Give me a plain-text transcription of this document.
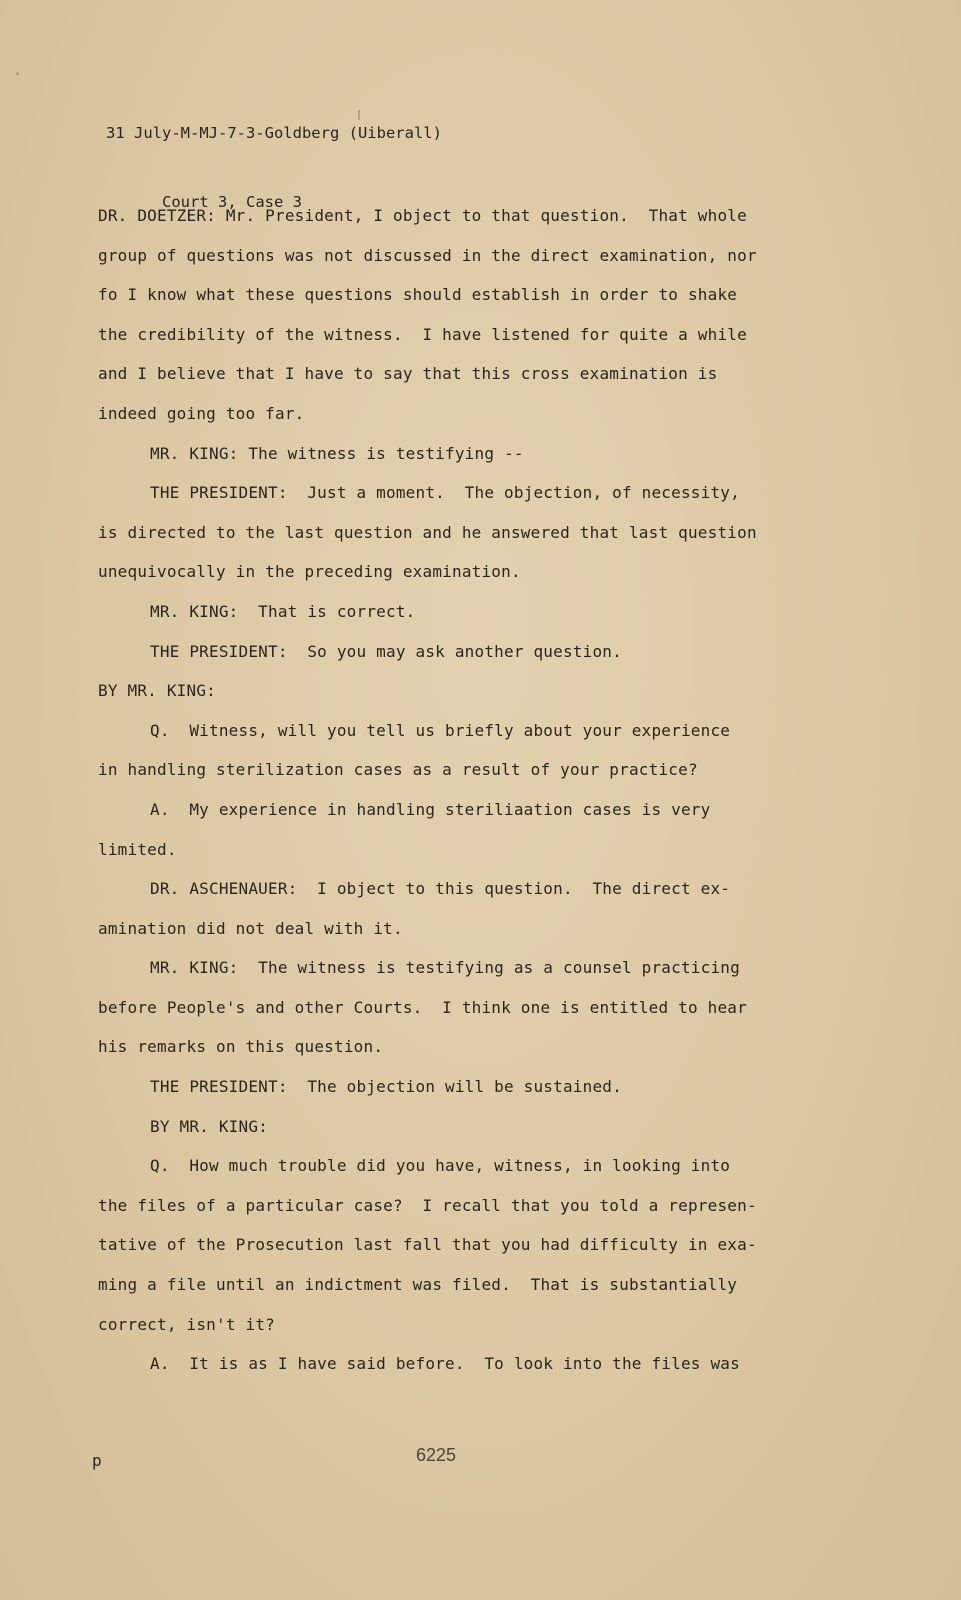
31 July-M-MJ-7-3-Goldberg (Uiberall)

Court 3, Case 3

DR. DOETZER: Mr. President, I object to that question.  That whole
group of questions was not discussed in the direct examination, nor
fo I know what these questions should establish in order to shake
the credibility of the witness.  I have listened for quite a while
and I believe that I have to say that this cross examination is
indeed going too far.
MR. KING: The witness is testifying --
THE PRESIDENT:  Just a moment.  The objection, of necessity,
is directed to the last question and he answered that last question
unequivocally in the preceding examination.
MR. KING:  That is correct.
THE PRESIDENT:  So you may ask another question.
BY MR. KING:
Q.  Witness, will you tell us briefly about your experience
in handling sterilization cases as a result of your practice?
A.  My experience in handling steriliaation cases is very
limited.
DR. ASCHENAUER:  I object to this question.  The direct ex-
amination did not deal with it.
MR. KING:  The witness is testifying as a counsel practicing
before People's and other Courts.  I think one is entitled to hear
his remarks on this question.
THE PRESIDENT:  The objection will be sustained.
BY MR. KING:
Q.  How much trouble did you have, witness, in looking into
the files of a particular case?  I recall that you told a represen-
tative of the Prosecution last fall that you had difficulty in exa-
ming a file until an indictment was filed.  That is substantially
correct, isn't it?
A.  It is as I have said before.  To look into the files was
p	6225
